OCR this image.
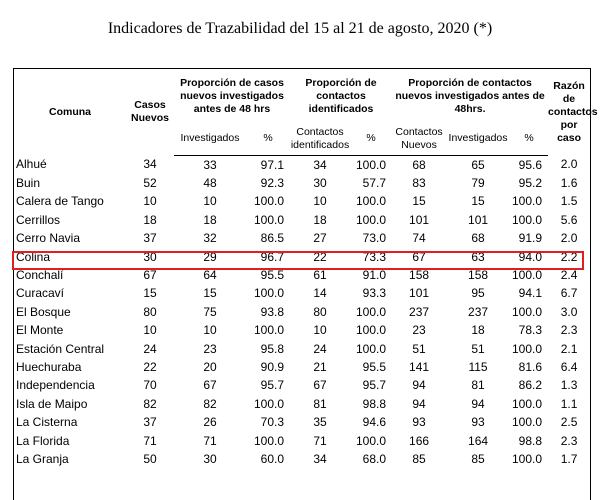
Indicadores de Trazabilidad del 15 al 21 de agosto, 2020 (*)
Comuna	Casos Nuevos	Proporción de casos nuevos investigados antes de 48 hrs		Proporción de contactos identificados		Proporción de contactos nuevos investigados antes de 48hrs.			Razón de contactos por caso
		Investigados	%	Contactos identificados	%	Contactos Nuevos	Investigados	%	
Alhué	34	33	97.1	34	100.0	68	65	95.6	2.0
Buin	52	48	92.3	30	57.7	83	79	95.2	1.6
Calera de Tango	10	10	100.0	10	100.0	15	15	100.0	1.5
Cerrillos	18	18	100.0	18	100.0	101	101	100.0	5.6
Cerro Navia	37	32	86.5	27	73.0	74	68	91.9	2.0
Colina	30	29	96.7	22	73.3	67	63	94.0	2.2
Conchalí	67	64	95.5	61	91.0	158	158	100.0	2.4
Curacaví	15	15	100.0	14	93.3	101	95	94.1	6.7
El Bosque	80	75	93.8	80	100.0	237	237	100.0	3.0
El Monte	10	10	100.0	10	100.0	23	18	78.3	2.3
Estación Central	24	23	95.8	24	100.0	51	51	100.0	2.1
Huechuraba	22	20	90.9	21	95.5	141	115	81.6	6.4
Independencia	70	67	95.7	67	95.7	94	81	86.2	1.3
Isla de Maipo	82	82	100.0	81	98.8	94	94	100.0	1.1
La Cisterna	37	26	70.3	35	94.6	93	93	100.0	2.5
La Florida	71	71	100.0	71	100.0	166	164	98.8	2.3
La Granja	50	30	60.0	34	68.0	85	85	100.0	1.7
